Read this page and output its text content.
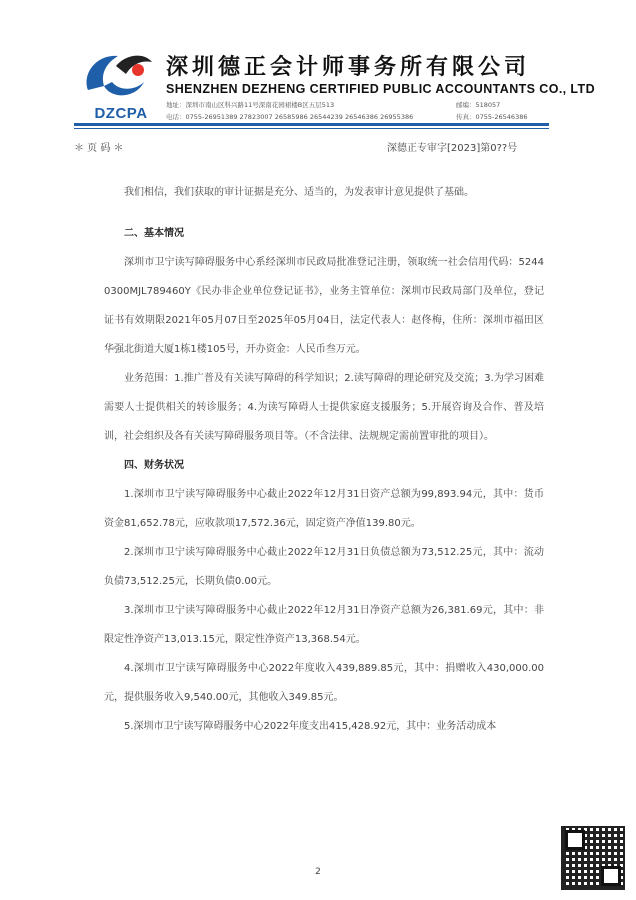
DZCPA
深圳德正会计师事务所有限公司
SHENZHEN DEZHENG CERTIFIED PUBLIC ACCOUNTANTS CO., LTD
地址：深圳市南山区科兴路11号深南花园裙楼B区五层513	邮编：518057
电话：0755-26951389 27823007 26585986 26544239 26546386 26955386	传真：0755-26546386
＊ 页 码 ＊	深德正专审字[2023]第0??号

我们相信，我们获取的审计证据是充分、适当的，为发表审计意见提供了基础。

二、基本情况

深圳市卫宁读写障碍服务中心系经深圳市民政局批准登记注册，领取统一社会信用代码：52440300MJL789460Y《民办非企业单位登记证书》，业务主管单位：深圳市民政局部门及单位，登记证书有效期限2021年05月07日至2025年05月04日，法定代表人：赵佟梅，住所：深圳市福田区华强北街道大厦1栋1楼105号，开办资金：人民币叁万元。

业务范围：1.推广普及有关读写障碍的科学知识；2.读写障碍的理论研究及交流；3.为学习困难需要人士提供相关的转诊服务；4.为读写障碍人士提供家庭支援服务；5.开展咨询及合作、普及培训，社会组织及各有关读写障碍服务项目等。（不含法律、法规规定需前置审批的项目）。

四、财务状况

1.深圳市卫宁读写障碍服务中心截止2022年12月31日资产总额为99,893.94元，其中：货币资金81,652.78元，应收款项17,572.36元，固定资产净值139.80元。

2.深圳市卫宁读写障碍服务中心截止2022年12月31日负债总额为73,512.25元，其中：流动负债73,512.25元，长期负债0.00元。

3.深圳市卫宁读写障碍服务中心截止2022年12月31日净资产总额为26,381.69元，其中：非限定性净资产13,013.15元，限定性净资产13,368.54元。

4.深圳市卫宁读写障碍服务中心2022年度收入439,889.85元，其中：捐赠收入430,000.00元，提供服务收入9,540.00元，其他收入349.85元。

5.深圳市卫宁读写障碍服务中心2022年度支出415,428.92元，其中：业务活动成本

2
